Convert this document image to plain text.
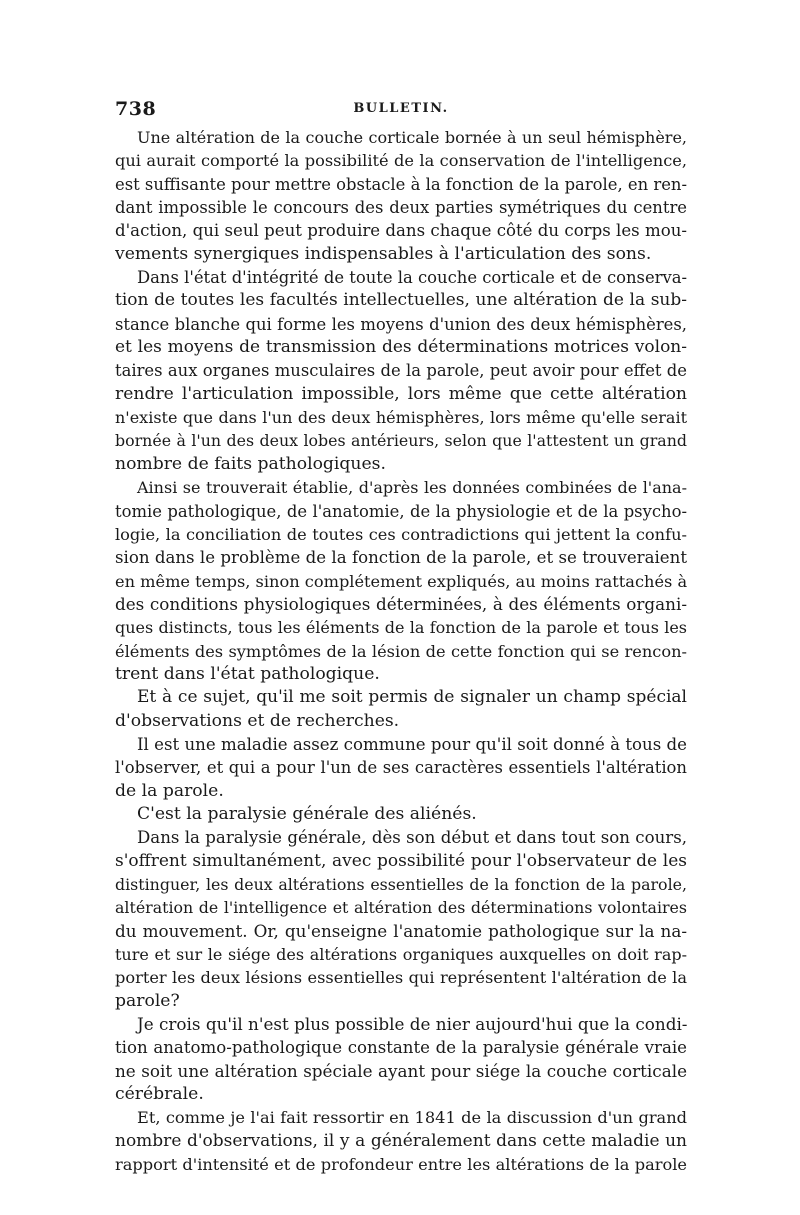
738	BULLETIN.
Une altération de la couche corticale bornée à un seul hémisphère,
qui aurait comporté la possibilité de la conservation de l'intelligence,
est suffisante pour mettre obstacle à la fonction de la parole, en ren-
dant impossible le concours des deux parties symétriques du centre
d'action, qui seul peut produire dans chaque côté du corps les mou-
vements synergiques indispensables à l'articulation des sons.
Dans l'état d'intégrité de toute la couche corticale et de conserva-
tion de toutes les facultés intellectuelles, une altération de la sub-
stance blanche qui forme les moyens d'union des deux hémisphères,
et les moyens de transmission des déterminations motrices volon-
taires aux organes musculaires de la parole, peut avoir pour effet de
rendre l'articulation impossible, lors même que cette altération
n'existe que dans l'un des deux hémisphères, lors même qu'elle serait
bornée à l'un des deux lobes antérieurs, selon que l'attestent un grand
nombre de faits pathologiques.
Ainsi se trouverait établie, d'après les données combinées de l'ana-
tomie pathologique, de l'anatomie, de la physiologie et de la psycho-
logie, la conciliation de toutes ces contradictions qui jettent la confu-
sion dans le problème de la fonction de la parole, et se trouveraient
en même temps, sinon complétement expliqués, au moins rattachés à
des conditions physiologiques déterminées, à des éléments organi-
ques distincts, tous les éléments de la fonction de la parole et tous les
éléments des symptômes de la lésion de cette fonction qui se rencon-
trent dans l'état pathologique.
Et à ce sujet, qu'il me soit permis de signaler un champ spécial
d'observations et de recherches.
Il est une maladie assez commune pour qu'il soit donné à tous de
l'observer, et qui a pour l'un de ses caractères essentiels l'altération
de la parole.
C'est la paralysie générale des aliénés.
Dans la paralysie générale, dès son début et dans tout son cours,
s'offrent simultanément, avec possibilité pour l'observateur de les
distinguer, les deux altérations essentielles de la fonction de la parole,
altération de l'intelligence et altération des déterminations volontaires
du mouvement. Or, qu'enseigne l'anatomie pathologique sur la na-
ture et sur le siége des altérations organiques auxquelles on doit rap-
porter les deux lésions essentielles qui représentent l'altération de la
parole?
Je crois qu'il n'est plus possible de nier aujourd'hui que la condi-
tion anatomo-pathologique constante de la paralysie générale vraie
ne soit une altération spéciale ayant pour siége la couche corticale
cérébrale.
Et, comme je l'ai fait ressortir en 1841 de la discussion d'un grand
nombre d'observations, il y a généralement dans cette maladie un
rapport d'intensité et de profondeur entre les altérations de la parole
